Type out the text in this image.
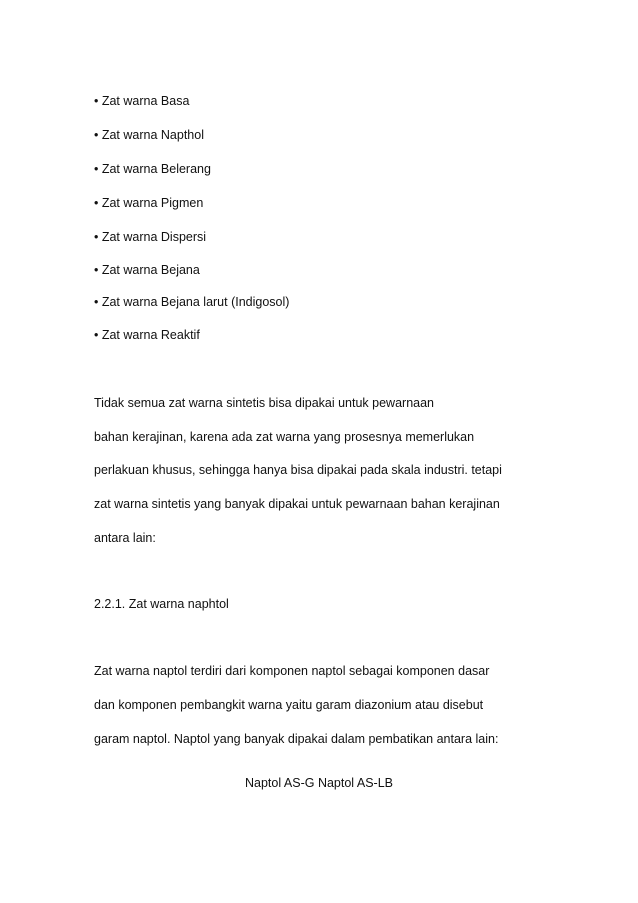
• Zat warna Basa
• Zat warna Napthol
• Zat warna Belerang
• Zat warna Pigmen
• Zat warna Dispersi
• Zat warna Bejana
• Zat warna Bejana larut (Indigosol)
• Zat warna Reaktif
Tidak semua zat warna sintetis bisa dipakai untuk pewarnaan
bahan kerajinan, karena ada zat warna yang prosesnya memerlukan
perlakuan khusus, sehingga hanya bisa dipakai pada skala industri. tetapi
zat warna sintetis yang banyak dipakai untuk pewarnaan bahan kerajinan
antara lain:
2.2.1. Zat warna naphtol
Zat warna naptol terdiri dari komponen naptol sebagai komponen dasar
dan komponen pembangkit warna yaitu garam diazonium atau disebut
garam naptol. Naptol yang banyak dipakai dalam pembatikan antara lain:
Naptol AS-G Naptol AS-LB
